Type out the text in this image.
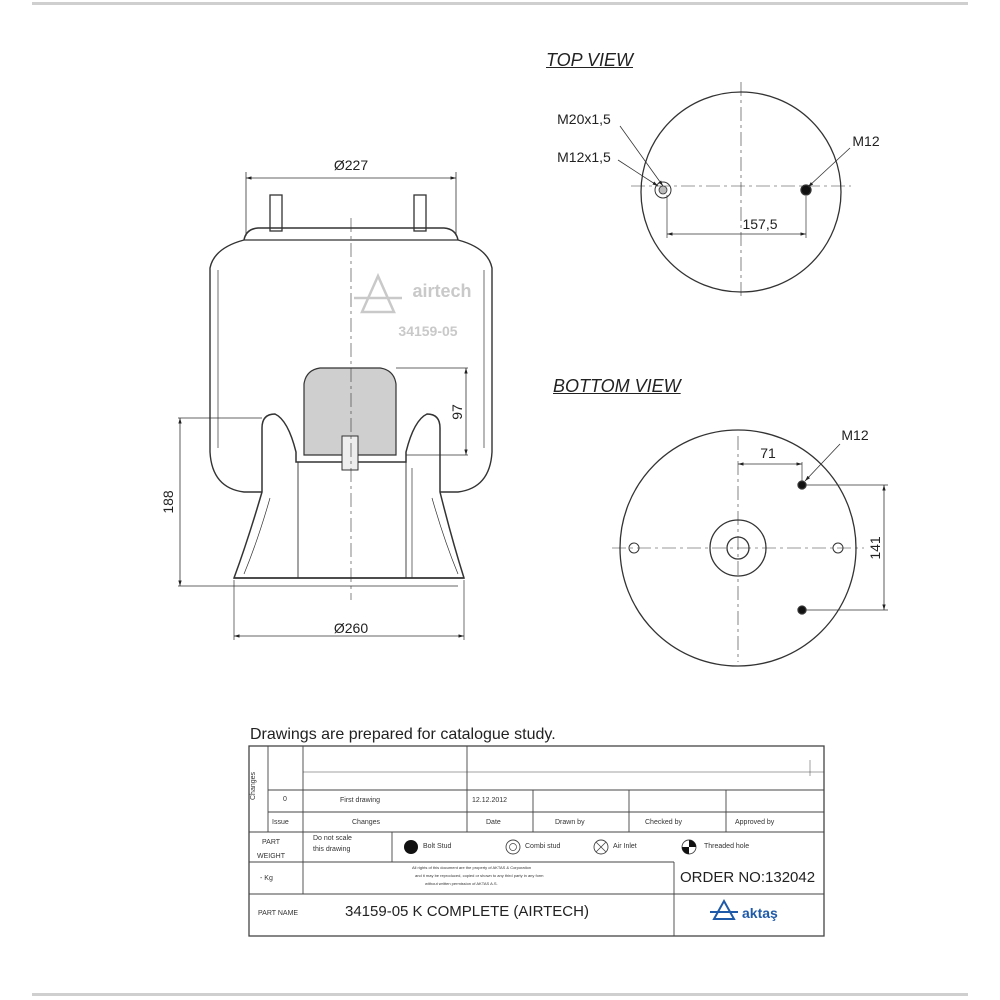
Ø227
Ø260
188
97
airtech
34159-05
M20x1,5
M12x1,5
M12
157,5
M12
71
141
TOP VIEW
BOTTOM VIEW
Drawings are prepared for catalogue study.
Changes	0	First drawing	12.12.2012
Issue	Changes	Date	Drawn by	Checked by	Approved by
PART
WEIGHT
- Kg
Do not scale
this drawing	Bolt Stud	Combi stud	Air Inlet	Threaded hole
All rights of this document are the property of AKTAS & Corporation
and it may be reproduced, copied or shown to any third party in any form
without written permission of AKTAS A.S.	ORDER NO:132042
PART NAME	34159-05 K COMPLETE (AIRTECH)	aktaş
